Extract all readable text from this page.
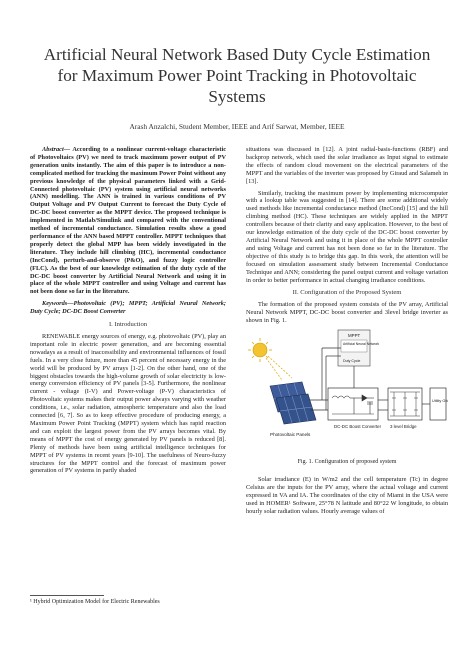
Artificial Neural Network Based Duty Cycle Estimation for Maximum Power Point Tracking in Photovoltaic Systems
Arash Anzalchi, Student Member, IEEE and Arif Sarwat, Member, IEEE

Abstract— According to a nonlinear current-voltage characteristic of Photovoltaics (PV) we need to track maximum power output of PV generation units instantly. The aim of this paper is to introduce a non-complicated method for tracking the maximum Power Point without any previous knowledge of the physical parameters linked with a Grid-Connected photovoltaic (PV) system using artificial neural networks (ANN) modelling. The ANN is trained in various conditions of PV Output Voltage and PV Output Current to forecast the Duty Cycle of DC-DC boost converter as the MPPT device. The proposed technique is implemented in Matlab/Simulink and compared with the conventional method of incremental conductance. Simulation results show a good performance of the ANN based MPPT controller. MPPT techniques that properly detect the global MPP has been widely investigated in the literature. They include hill climbing (HC), incremental conductance (IncCond), perturb-and-observe (P&O), and fuzzy logic controller (FLC). As the best of our knowledge estimation of the duty cycle of the DC-DC boost converter by Artificial Neural Network and using it in place of the whole MPPT controller and using Voltage and current has not been done so far in the literature.

Keywords—Photovoltaic (PV); MPPT; Artificial Neural Network; Duty Cycle; DC-DC Boost Converter

I. Introduction

RENEWABLE energy sources of energy, e.g. photovoltaic (PV), play an important role in electric power generation, and are becoming essential nowadays as a result of inaccessibility and environmental influences of fossil fuels. In a very close future, more than 45 percent of necessary energy in the world will be produced by PV arrays [1-2]. On the other hand, one of the biggest obstacles towards the high-volume growth of solar electricity is low-energy conversion efficiency of PV panels [3-5]. Furthermore, the nonlinear current - voltage (I-V) and Power-voltage (P-V) characteristics of Photovoltaic systems makes their output power always varying with weather conditions, i.e., solar radiation, atmospheric temperature and also the load connected [6, 7]. So as to keep effective procedure of producing energy, a Maximum Power Point Tracking (MPPT) system which has rapid reaction and can exploit the largest power from the PV arrays becomes vital. By means of MPPT the cost of energy generated by PV panels is reduced [8]. Plenty of methods have been using artificial intelligence techniques for MPPT of PV systems in recent years [9-10]. The usefulness of Neuro-fuzzy structures for the MPPT control and the forecast of maximum power generation of PV systems in partly shaded

situations was discussed in [12]. A joint radial-basis-functions (RBF) and backprop network, which used the solar irradiance as Input signal to estimate the effects of random cloud movement on the electrical parameters of the MPPT and the variables of the inverter was proposed by Giraud and Salameh in [13].

Similarly, tracking the maximum power by implementing microcomputer with a lookup table was suggested in [14]. There are some additional widely used methods like incremental conductance method (IncCond) [15] and the hill climbing method (HC). These techniques are widely applied in the MPPT controllers because of their clarity and easy application. However, to the best of our knowledge estimation of the duty cycle of the DC-DC boost converter by Artificial Neural Network and using it in place of the whole MPPT controller and using Voltage and current has not been done so far in the literature. The objective of this study is to bridge this gap. In this work, the attention will be focused on simulation assessment study between Incremental Conductance Technique and ANN; considering the panel output current and voltage variation in order to better performance in actual changing irradiance conditions.

II. Configuration of the Proposed System

The formation of the proposed system consists of the PV array, Artificial Neural Network MPPT, DC-DC boost converter and 3level bridge inverter as shown in Fig. 1.

Photovoltaic Panels
MPPT
Artificial Neural Network
Duty Cycle
DC-DC Boost Converter 3 level Bridge
Utility Grid
Fig. 1. Configuration of proposed system

Solar irradiance (E) in W/m2 and the cell temperature (Tc) in degree Celsius are the inputs for the PV array, where the actual voltage and current expressed in VA and IA. The coordinates of the city of Miami in the USA were used in HOMER¹ Software, 25°78 N latitude and 80°22 W longitude, to obtain hourly solar radiation values. Hourly average values of

¹ Hybrid Optimization Model for Electric Renewables
